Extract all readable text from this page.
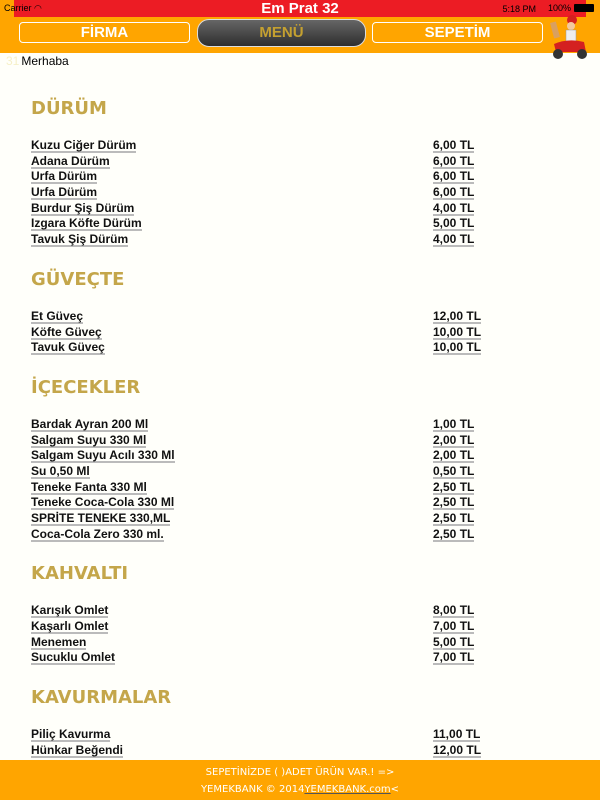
Em Prat 32
Carrier ◠	5:18 PM 100%
FİRMA	MENÜ	SEPETİM
31 Merhaba
DÜRÜM
Kuzu Ciğer Dürüm	6,00 TL
Adana Dürüm	6,00 TL
Urfa Dürüm	6,00 TL
Urfa Dürüm	6,00 TL
Burdur Şiş Dürüm	4,00 TL
Izgara Köfte Dürüm	5,00 TL
Tavuk Şiş Dürüm	4,00 TL
GÜVEÇTE
Et Güveç	12,00 TL
Köfte Güveç	10,00 TL
Tavuk Güveç	10,00 TL
İÇECEKLER
Bardak Ayran 200 Ml	1,00 TL
Salgam Suyu 330 Ml	2,00 TL
Salgam Suyu Acılı 330 Ml	2,00 TL
Su 0,50 Ml	0,50 TL
Teneke Fanta 330 Ml	2,50 TL
Teneke Coca-Cola 330 Ml	2,50 TL
SPRİTE TENEKE 330,ML	2,50 TL
Coca-Cola Zero 330 ml.	2,50 TL
KAHVALTI
Karışık Omlet	8,00 TL
Kaşarlı Omlet	7,00 TL
Menemen	5,00 TL
Sucuklu Omlet	7,00 TL
KAVURMALAR
Piliç Kavurma	11,00 TL
Hünkar Beğendi	12,00 TL
SEPETİNİZDE ( )ADET ÜRÜN VAR.! =>
YEMEKBANK © 2014YEMEKBANK.com<
